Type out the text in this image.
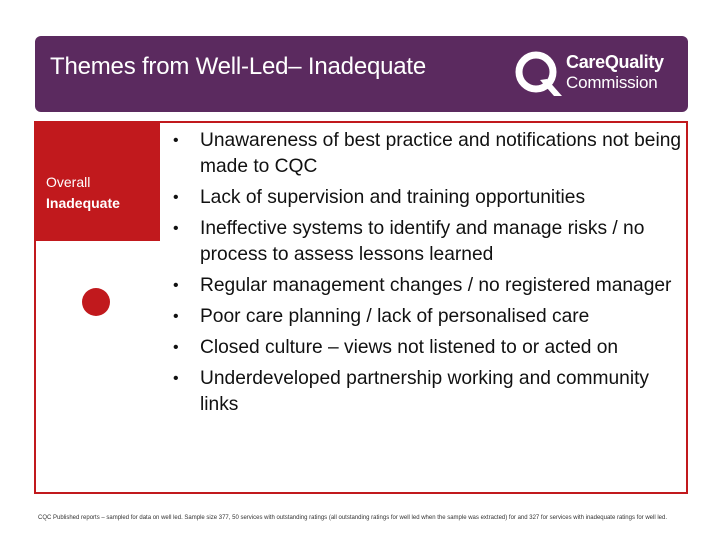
Themes from Well-Led– Inadequate	CareQuality
Commission
Overall
Inadequate
• Unawareness of best practice and notifications not being made to CQC
• Lack of supervision and training opportunities
• Ineffective systems to identify and manage risks / no process to assess lessons learned
• Regular management changes / no registered manager
• Poor care planning / lack of personalised care
• Closed culture – views not listened to or acted on
• Underdeveloped partnership working and community links
CQC Published reports – sampled for data on well led. Sample size 377, 50 services with outstanding ratings (all outstanding ratings for well led when the sample was extracted) for and 327 for services with inadequate ratings for well led.
